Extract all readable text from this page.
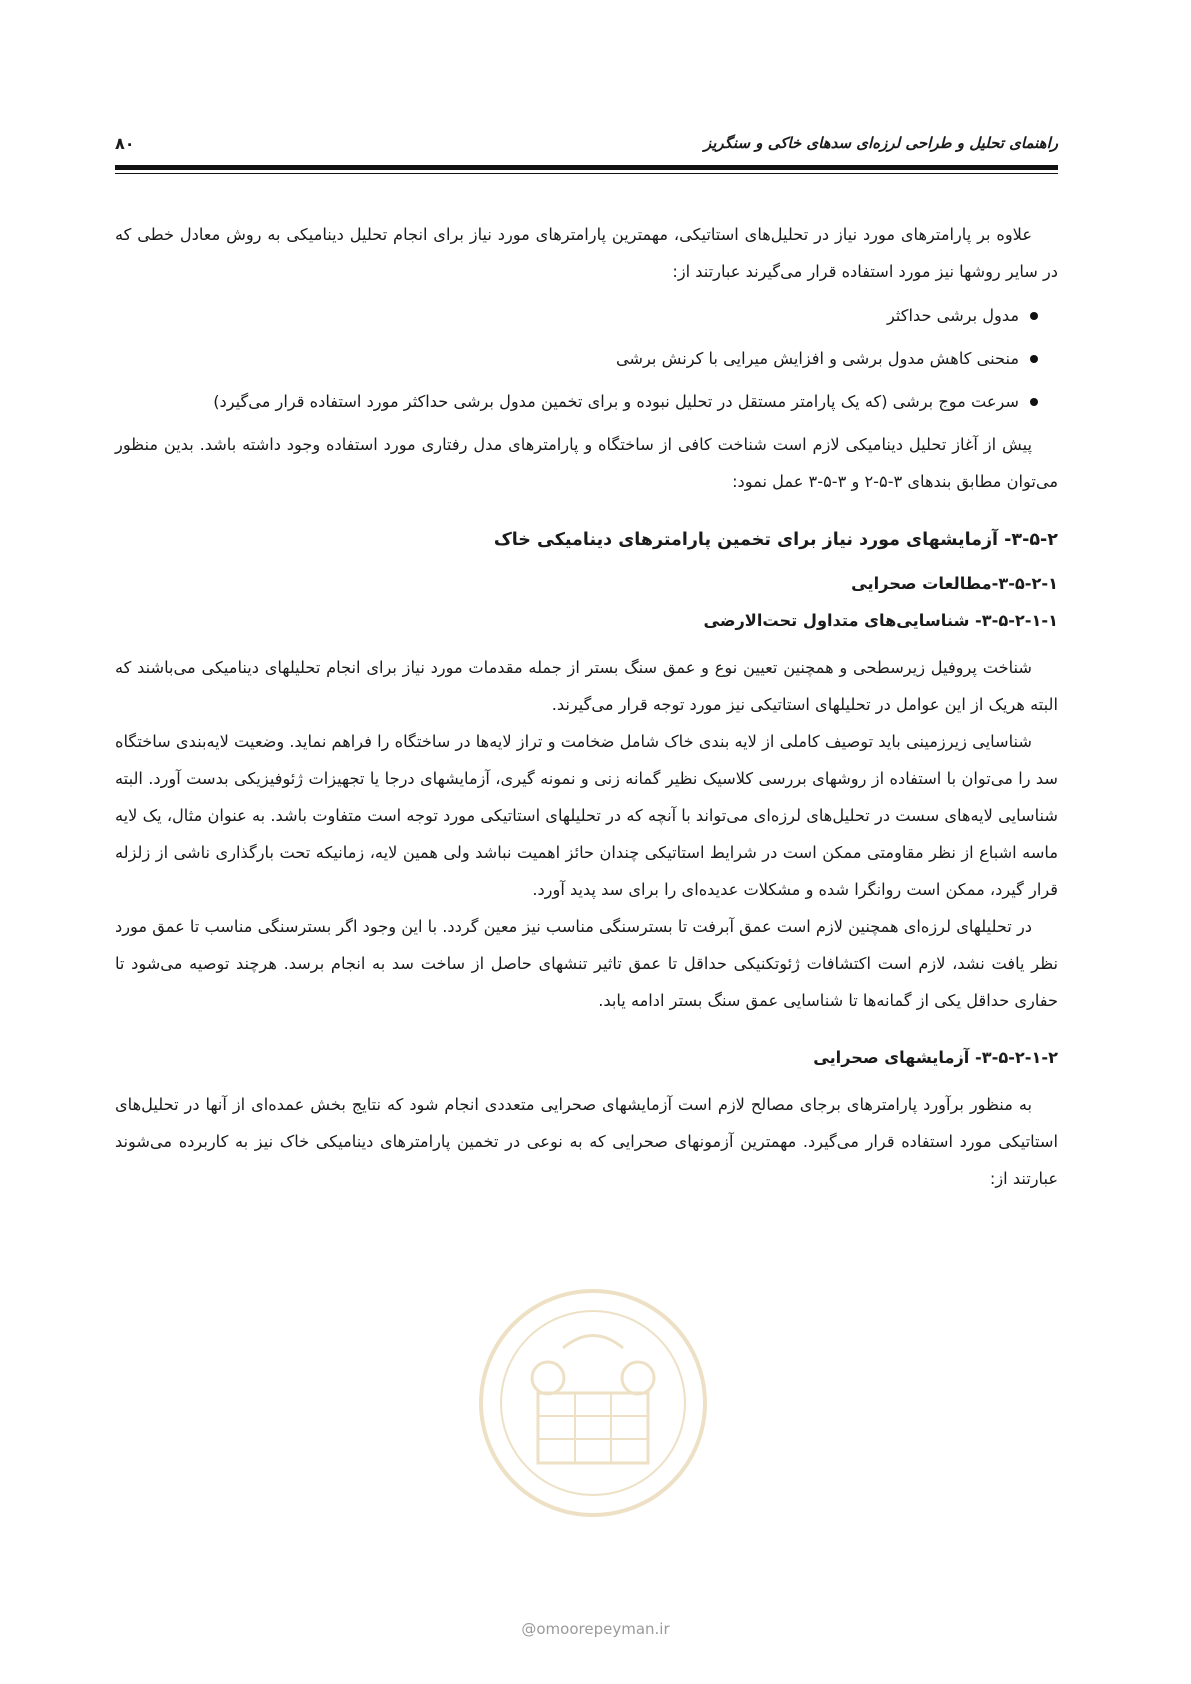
راهنمای تحلیل و طراحی لرزه‌ای سدهای خاکی و سنگریز
۸۰

علاوه بر پارامترهای مورد نیاز در تحلیل‌های استاتیکی، مهمترین پارامترهای مورد نیاز برای انجام تحلیل دینامیکی به روش معادل خطی که در سایر روشها نیز مورد استفاده قرار می‌گیرند عبارتند از:

مدول برشی حداکثر
منحنی کاهش مدول برشی و افزایش میرایی با کرنش برشی
سرعت موج برشی (که یک پارامتر مستقل در تحلیل نبوده و برای تخمین مدول برشی حداکثر مورد استفاده قرار می‌گیرد)

پیش از آغاز تحلیل دینامیکی لازم است شناخت کافی از ساختگاه و پارامترهای مدل رفتاری مورد استفاده وجود داشته باشد. بدین منظور می‌توان مطابق بندهای ۳-۵-۲ و ۳-۵-۳ عمل نمود:

۳-۵-۲- آزمایشهای مورد نیاز برای تخمین پارامترهای دینامیکی خاک
۳-۵-۲-۱-مطالعات صحرایی
۳-۵-۲-۱-۱- شناسایی‌های متداول تحت‌الارضی

شناخت پروفیل زیرسطحی و همچنین تعیین نوع و عمق سنگ بستر از جمله مقدمات مورد نیاز برای انجام تحلیلهای دینامیکی می‌باشند که البته هریک از این عوامل در تحلیلهای استاتیکی نیز مورد توجه قرار می‌گیرند.

شناسایی زیرزمینی باید توصیف کاملی از لایه بندی خاک شامل ضخامت و تراز لایه‌ها در ساختگاه را فراهم نماید. وضعیت لایه‌بندی ساختگاه سد را می‌توان با استفاده از روشهای بررسی کلاسیک نظیر گمانه زنی و نمونه گیری، آزمایشهای درجا یا تجهیزات ژئوفیزیکی بدست آورد. البته شناسایی لایه‌های سست در تحلیل‌های لرزه‌ای می‌تواند با آنچه که در تحلیلهای استاتیکی مورد توجه است متفاوت باشد. به عنوان مثال، یک لایه ماسه اشباع از نظر مقاومتی ممکن است در شرایط استاتیکی چندان حائز اهمیت نباشد ولی همین لایه، زمانیکه تحت بارگذاری ناشی از زلزله قرار گیرد، ممکن است روانگرا شده و مشکلات عدیده‌ای را برای سد پدید آورد.

در تحلیلهای لرزه‌ای همچنین لازم است عمق آبرفت تا بسترسنگی مناسب نیز معین گردد. با این وجود اگر بسترسنگی مناسب تا عمق مورد نظر یافت نشد، لازم است اکتشافات ژئوتکنیکی حداقل تا عمق تاثیر تنشهای حاصل از ساخت سد به انجام برسد. هرچند توصیه می‌شود تا حفاری حداقل یکی از گمانه‌ها تا شناسایی عمق سنگ بستر ادامه یابد.

۳-۵-۲-۱-۲- آزمایشهای صحرایی

به منظور برآورد پارامترهای برجای مصالح لازم است آزمایشهای صحرایی متعددی انجام شود که نتایج بخش عمده‌ای از آنها در تحلیل‌های استاتیکی مورد استفاده قرار می‌گیرد. مهمترین آزمونهای صحرایی که به نوعی در تخمین پارامترهای دینامیکی خاک نیز به کاربرده می‌شوند عبارتند از:

@omoorepeyman.ir
